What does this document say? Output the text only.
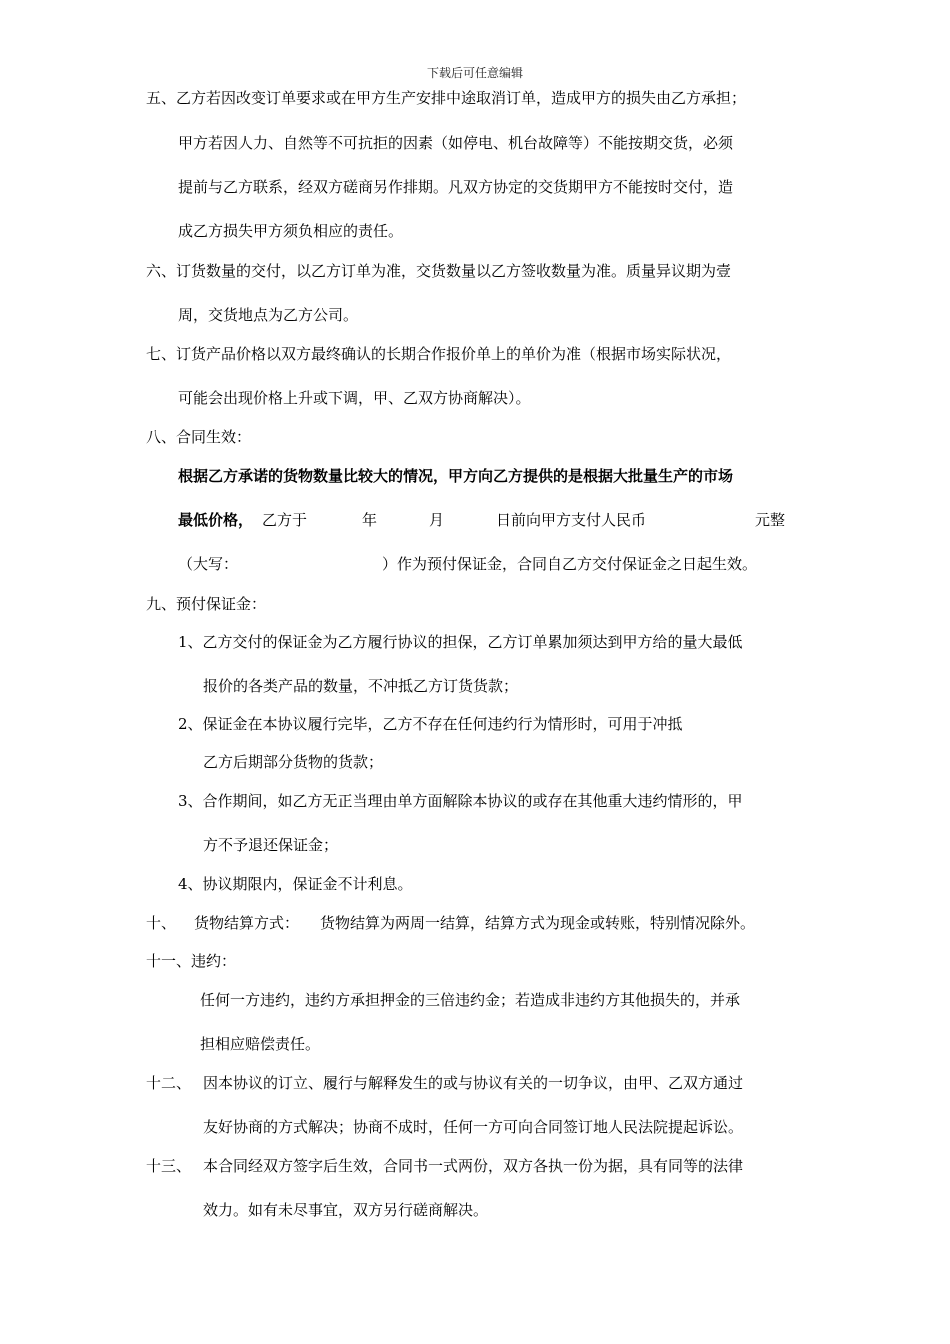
下载后可任意编辑
五、乙方若因改变订单要求或在甲方生产安排中途取消订单，造成甲方的损失由乙方承担；
甲方若因人力、自然等不可抗拒的因素（如停电、机台故障等）不能按期交货，必须
提前与乙方联系，经双方磋商另作排期。凡双方协定的交货期甲方不能按时交付，造
成乙方损失甲方须负相应的责任。
六、订货数量的交付，以乙方订单为准，交货数量以乙方签收数量为准。质量异议期为壹
周，交货地点为乙方公司。
七、订货产品价格以双方最终确认的长期合作报价单上的单价为准（根据市场实际状况，
可能会出现价格上升或下调，甲、乙双方协商解决）。
八、合同生效：
根据乙方承诺的货物数量比较大的情况，甲方向乙方提供的是根据大批量生产的市场
最低价格， 乙方于	年	月	日前向甲方支付人民币	元整
（大写：	）作为预付保证金，合同自乙方交付保证金之日起生效。
九、预付保证金：
1、乙方交付的保证金为乙方履行协议的担保，乙方订单累加须达到甲方给的量大最低
报价的各类产品的数量，不冲抵乙方订货货款；
2、保证金在本协议履行完毕，乙方不存在任何违约行为情形时，可用于冲抵
乙方后期部分货物的货款；
3、合作期间，如乙方无正当理由单方面解除本协议的或存在其他重大违约情形的，甲
方不予退还保证金；
4、协议期限内，保证金不计利息。
十、 货物结算方式： 货物结算为两周一结算，结算方式为现金或转账，特别情况除外。
十一、违约：
任何一方违约，违约方承担押金的三倍违约金；若造成非违约方其他损失的，并承
担相应赔偿责任。
十二、 因本协议的订立、履行与解释发生的或与协议有关的一切争议，由甲、乙双方通过
友好协商的方式解决；协商不成时，任何一方可向合同签订地人民法院提起诉讼。
十三、 本合同经双方签字后生效，合同书一式两份，双方各执一份为据，具有同等的法律
效力。如有未尽事宜，双方另行磋商解决。
